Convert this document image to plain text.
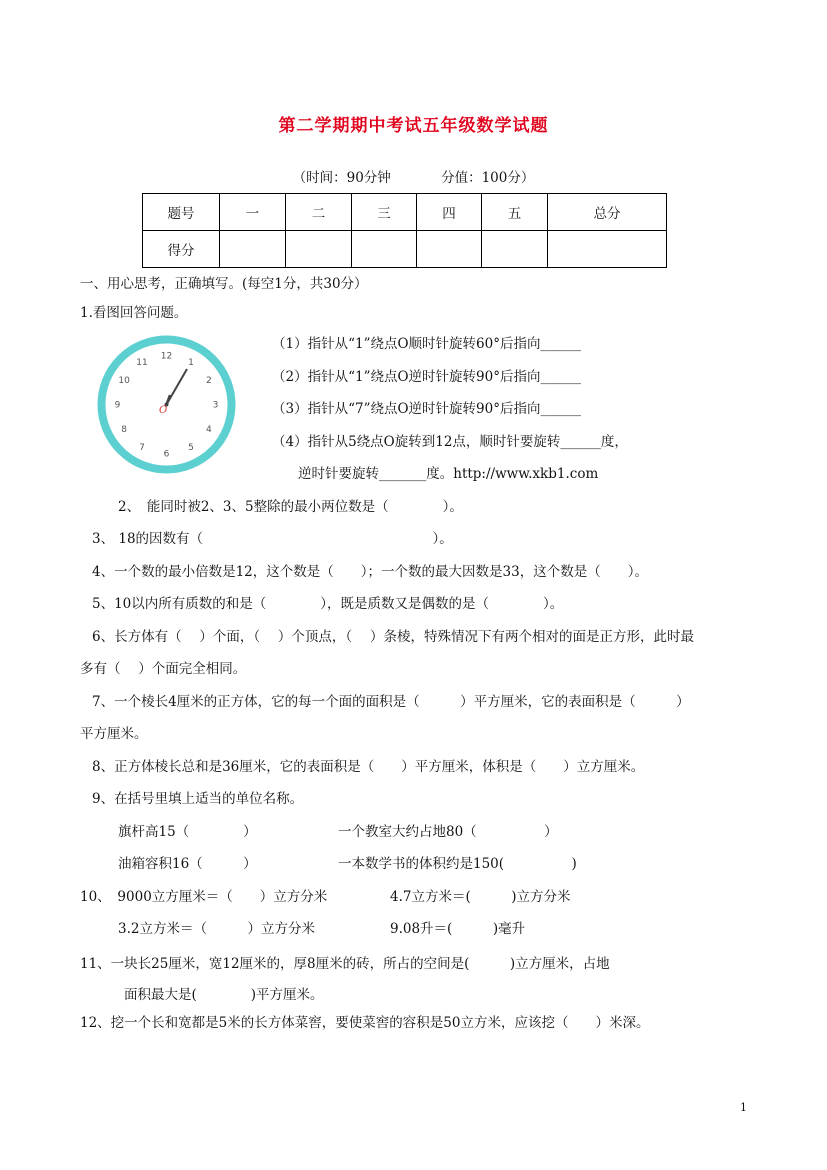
第二学期期中考试五年级数学试题
（时间：90分钟	分值：100分）
题号	一	二	三	四	五	总分
得分						
一、用心思考，正确填写。(每空1分，共30分）
1.看图回答问题。
12
1
2
3
4
5
6
7
8
9
10
11
O
（1）指针从“1”绕点O顺时针旋转60°后指向______
（2）指针从“1”绕点O逆时针旋转90°后指向______
（3）指针从“7”绕点O逆时针旋转90°后指向______
（4）指针从5绕点O旋转到12点，顺时针要旋转______度，
逆时针要旋转_______度。http://www.xkb1.com
2、　能同时被2、3、5整除的最小两位数是（　　　　）。
3、 18的因数有（　　　　　　　　　　　　　　　　　）。
4、一个数的最小倍数是12，这个数是（　　）；一个数的最大因数是33，这个数是（　　）。
5、10以内所有质数的和是（　　　　），既是质数又是偶数的是（　　　　）。
6、长方体有（　 ）个面，（　 ）个顶点，（　 ）条棱，特殊情况下有两个相对的面是正方形，此时最
多有（　 ）个面完全相同。
7、一个棱长4厘米的正方体，它的每一个面的面积是（　　　）平方厘米，它的表面积是（　　　）
平方厘米。
8、正方体棱长总和是36厘米，它的表面积是（　　）平方厘米，体积是（　　）立方厘米。
9、在括号里填上适当的单位名称。
旗杆高15（　　　　）	一个教室大约占地80（　　　　　）
油箱容积16（　　　）	一本数学书的体积约是150(　　　　　)
10、　9000立方厘米＝（　　）立方分米	4.7立方米＝(　　　)立方分米
3.2立方米＝（　　　）立方分米	9.08升＝(　　　)毫升
11、一块长25厘米，宽12厘米的，厚8厘米的砖，所占的空间是(　　　)立方厘米，占地
面积最大是(　　　　)平方厘米。
12、挖一个长和宽都是5米的长方体菜窖，要使菜窖的容积是50立方米，应该挖（　　）米深。
1
